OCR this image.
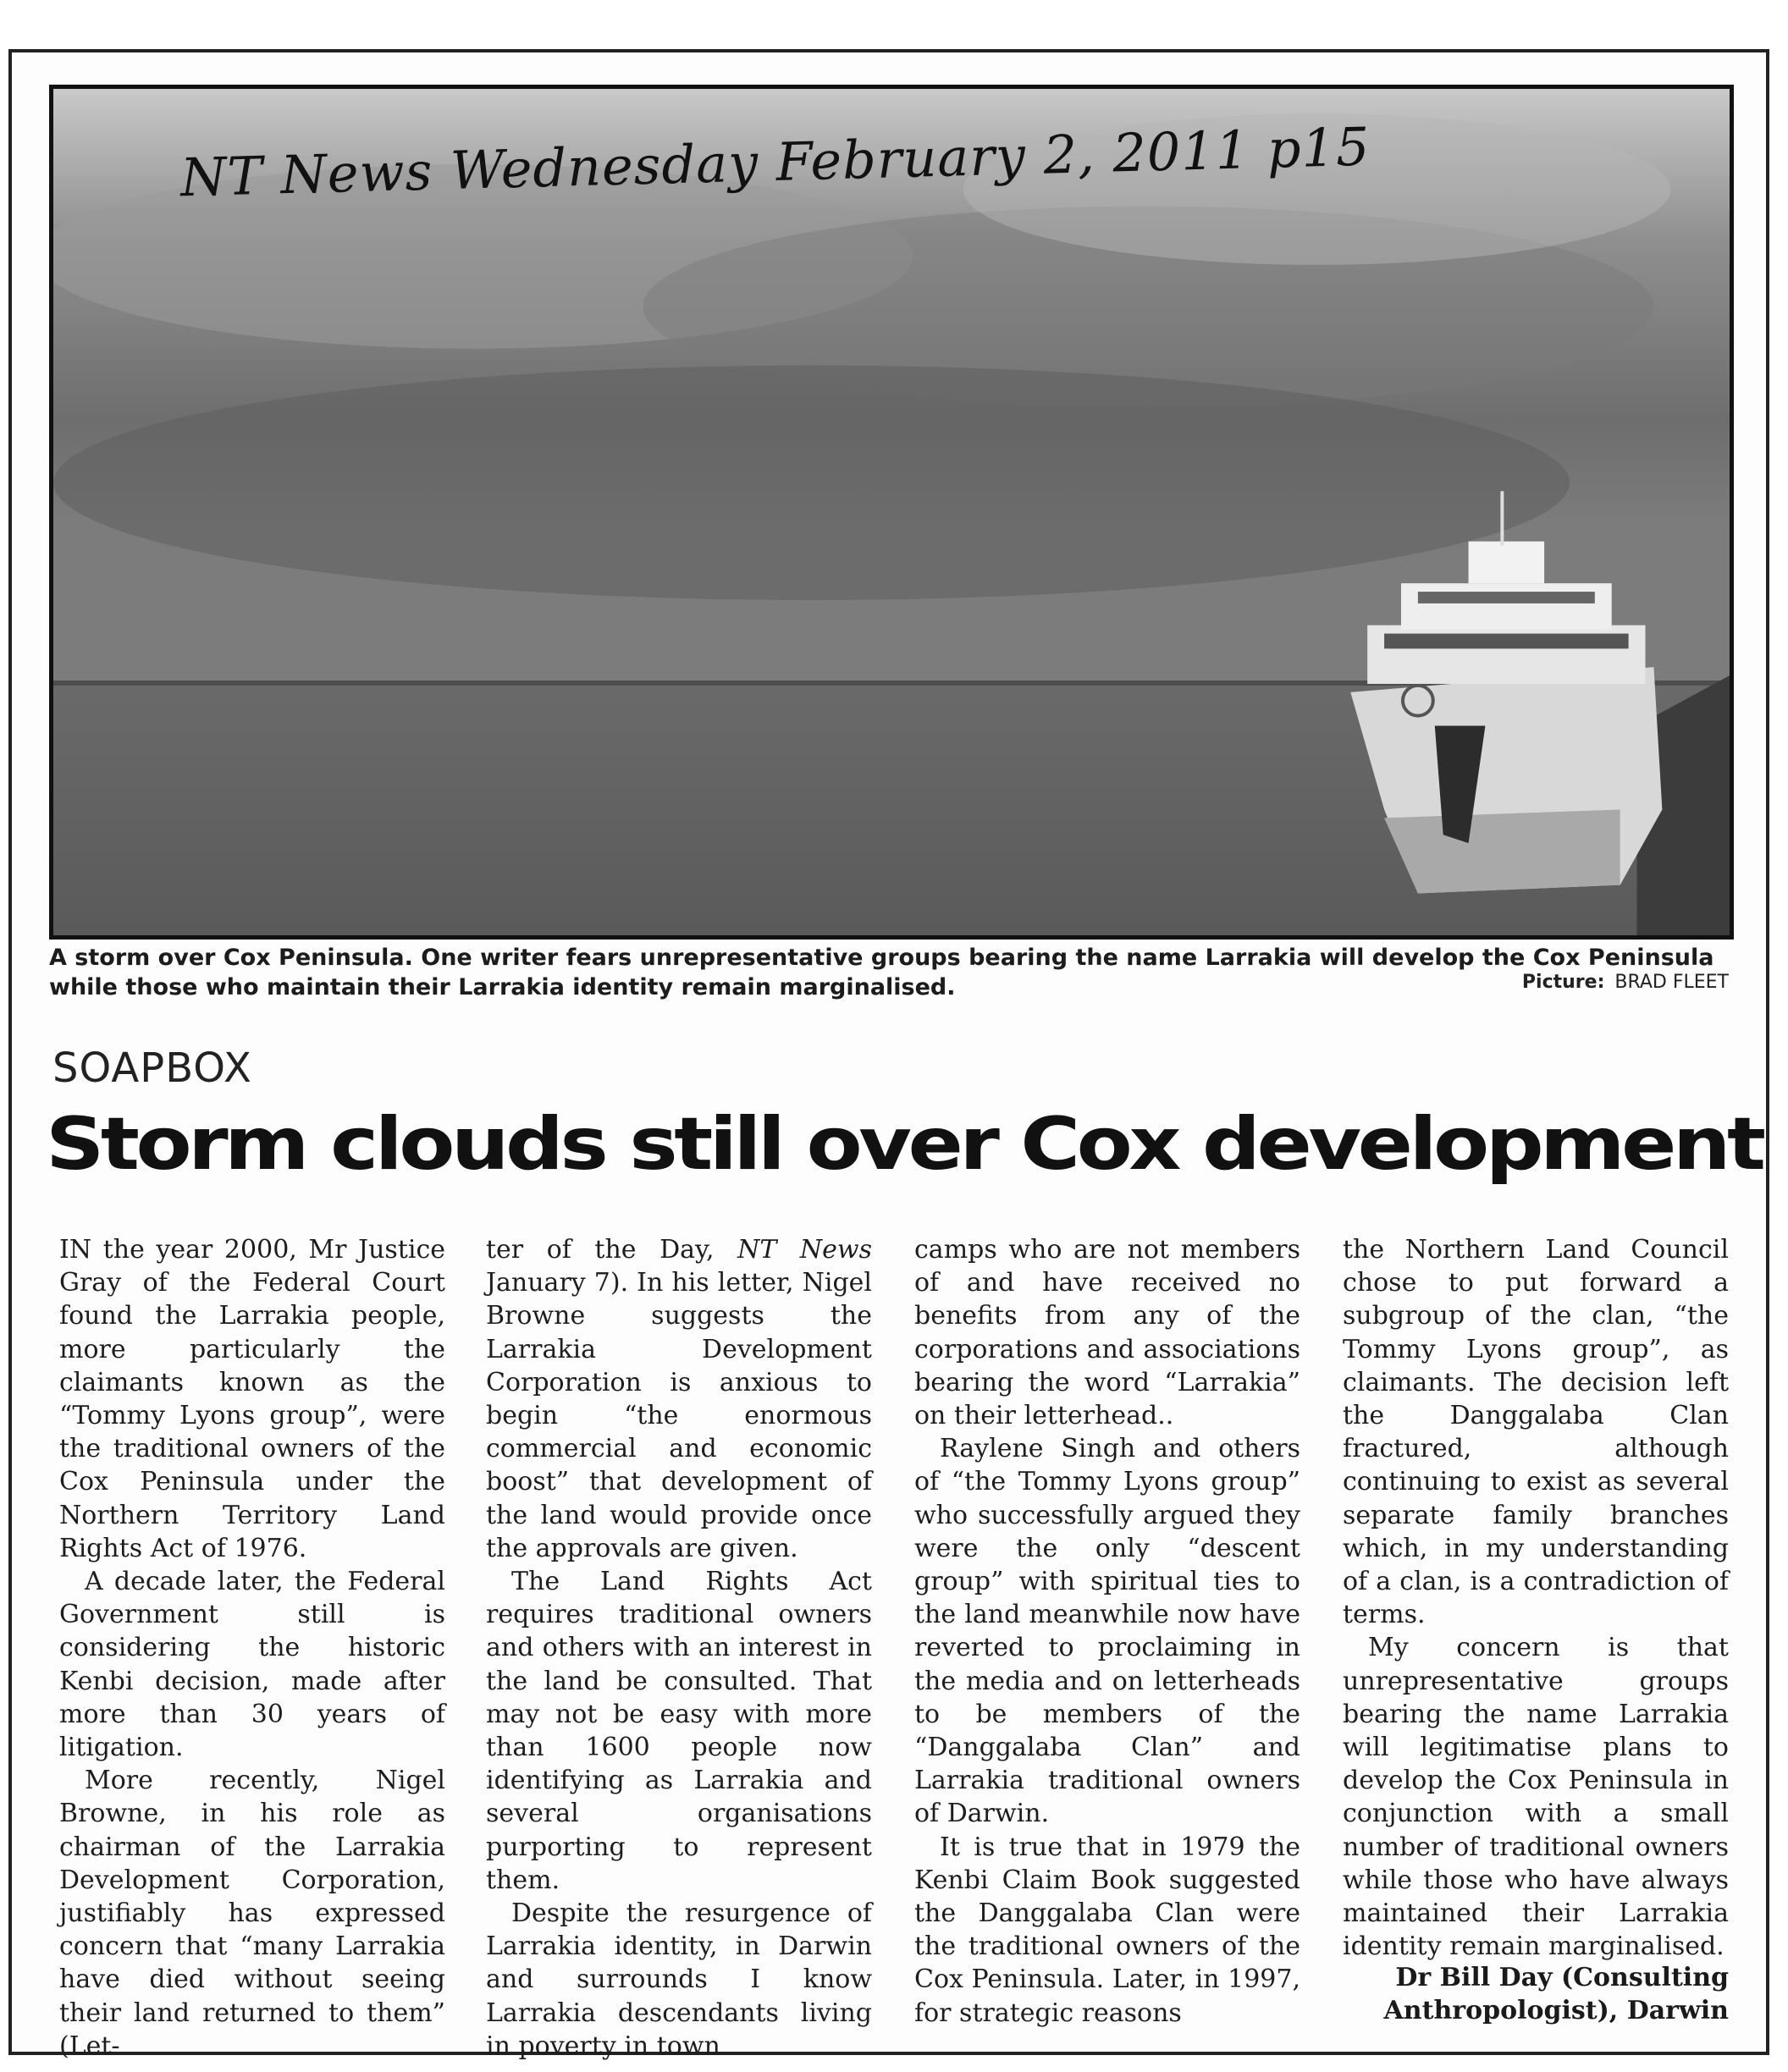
NT News Wednesday February 2, 2011 p15
A storm over Cox Peninsula. One writer fears unrepresentative groups bearing the name Larrakia will develop the Cox Peninsula while those who maintain their Larrakia identity remain marginalised.	Picture: BRAD FLEET
SOAPBOX
Storm clouds still over Cox development

IN the year 2000, Mr Justice Gray of the Federal Court found the Larrakia people, more particularly the claimants known as the “Tommy Lyons group”, were the traditional owners of the Cox Peninsula under the Northern Territory Land Rights Act of 1976.

A decade later, the Federal Government still is considering the historic Kenbi decision, made after more than 30 years of litigation.

More recently, Nigel Browne, in his role as chairman of the Larrakia Development Corporation, justifiably has expressed concern that “many Larrakia have died without seeing their land returned to them” (Let-

ter of the Day, NT News January 7). In his letter, Nigel Browne suggests the Larrakia Development Corporation is anxious to begin “the enormous commercial and economic boost” that development of the land would provide once the approvals are given.

The Land Rights Act requires traditional owners and others with an interest in the land be consulted. That may not be easy with more than 1600 people now identifying as Larrakia and several organisations purporting to represent them.

Despite the resurgence of Larrakia identity, in Darwin and surrounds I know Larrakia descendants living in poverty in town

camps who are not members of and have received no benefits from any of the corporations and associations bearing the word “Larrakia” on their letterhead..

Raylene Singh and others of “the Tommy Lyons group” who successfully argued they were the only “descent group” with spiritual ties to the land meanwhile now have reverted to proclaiming in the media and on letterheads to be members of the “Danggalaba Clan” and Larrakia traditional owners of Darwin.

It is true that in 1979 the Kenbi Claim Book suggested the Danggalaba Clan were the traditional owners of the Cox Peninsula. Later, in 1997, for strategic reasons

the Northern Land Council chose to put forward a subgroup of the clan, “the Tommy Lyons group”, as claimants. The decision left the Danggalaba Clan fractured, although continuing to exist as several separate family branches which, in my understanding of a clan, is a contradiction of terms.

My concern is that unrepresentative groups bearing the name Larrakia will legitimatise plans to develop the Cox Peninsula in conjunction with a small number of traditional owners while those who have always maintained their Larrakia identity remain marginalised.

Dr Bill Day (Consulting
Anthropologist), Darwin
